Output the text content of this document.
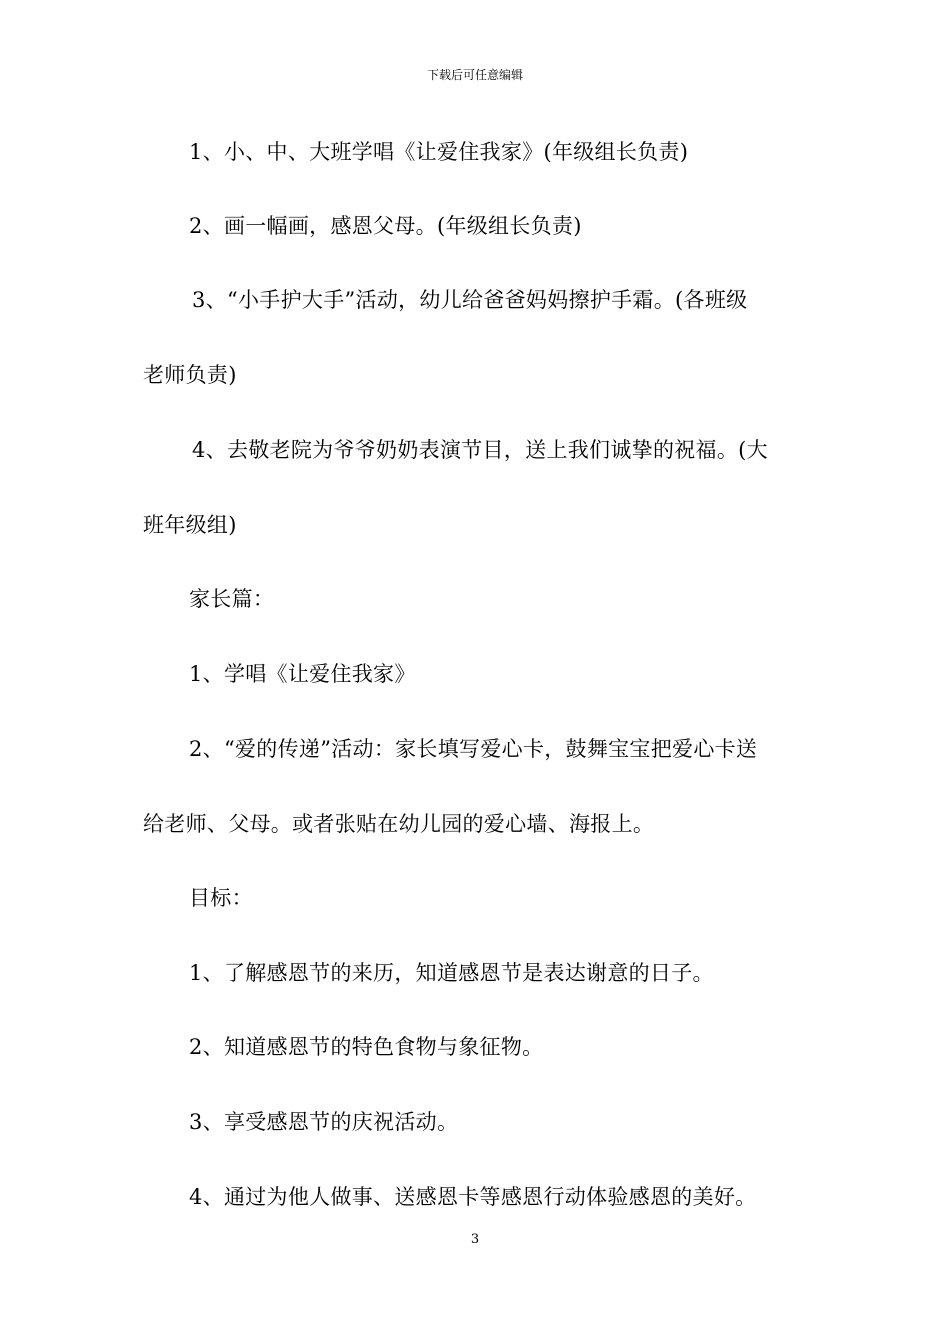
下载后可任意编辑
1、小、中、大班学唱《让爱住我家》(年级组长负责)
2、画一幅画，感恩父母。(年级组长负责)
3、“小手护大手”活动，幼儿给爸爸妈妈擦护手霜。(各班级
老师负责)
4、去敬老院为爷爷奶奶表演节目，送上我们诚挚的祝福。(大
班年级组)
家长篇：
1、学唱《让爱住我家》
2、“爱的传递”活动：家长填写爱心卡，鼓舞宝宝把爱心卡送
给老师、父母。或者张贴在幼儿园的爱心墙、海报上。
目标：
1、了解感恩节的来历，知道感恩节是表达谢意的日子。
2、知道感恩节的特色食物与象征物。
3、享受感恩节的庆祝活动。
4、通过为他人做事、送感恩卡等感恩行动体验感恩的美好。
3
